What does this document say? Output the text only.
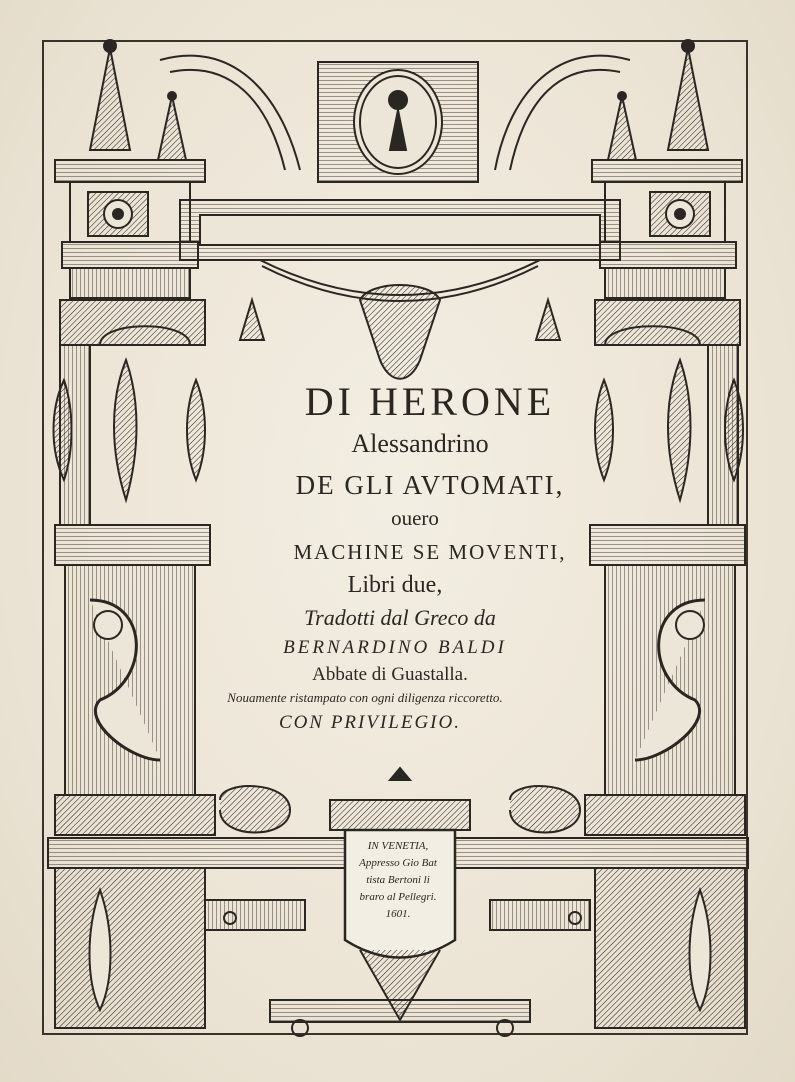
DI HERONE
Alessandrino
DE GLI AVTOMATI,
ouero
MACHINE SE MOVENTI,
Libri due,
Tradotti dal Greco da
BERNARDINO BALDI
Abbate di Guastalla.
Nouamente ristampato con ogni diligenza riccoretto.
CON PRIVILEGIO.
IN VENETIA,
Appresso Gio Bat
tista Bertoni li
braro al Pellegri.
1601.
